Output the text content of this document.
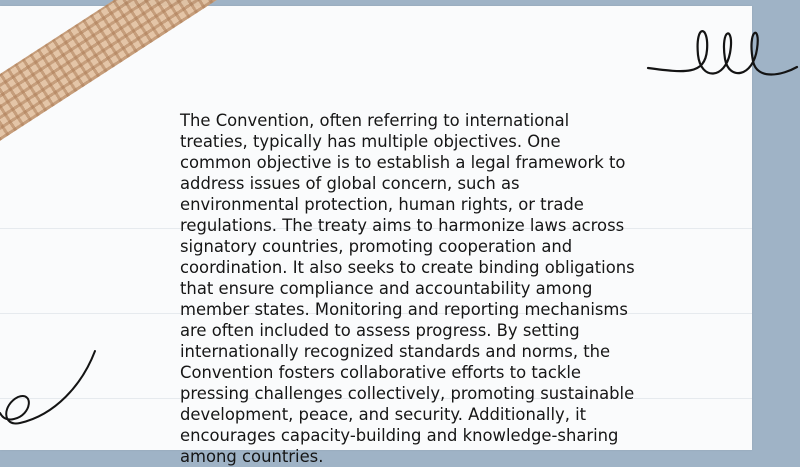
The Convention, often referring to international treaties, typically has multiple objectives. One common objective is to establish a legal framework to address issues of global concern, such as environmental protection, human rights, or trade regulations. The treaty aims to harmonize laws across signatory countries, promoting cooperation and coordination. It also seeks to create binding obligations that ensure compliance and accountability among member states. Monitoring and reporting mechanisms are often included to assess progress. By setting internationally recognized standards and norms, the Convention fosters collaborative efforts to tackle pressing challenges collectively, promoting sustainable development, peace, and security. Additionally, it encourages capacity-building and knowledge-sharing among countries.
